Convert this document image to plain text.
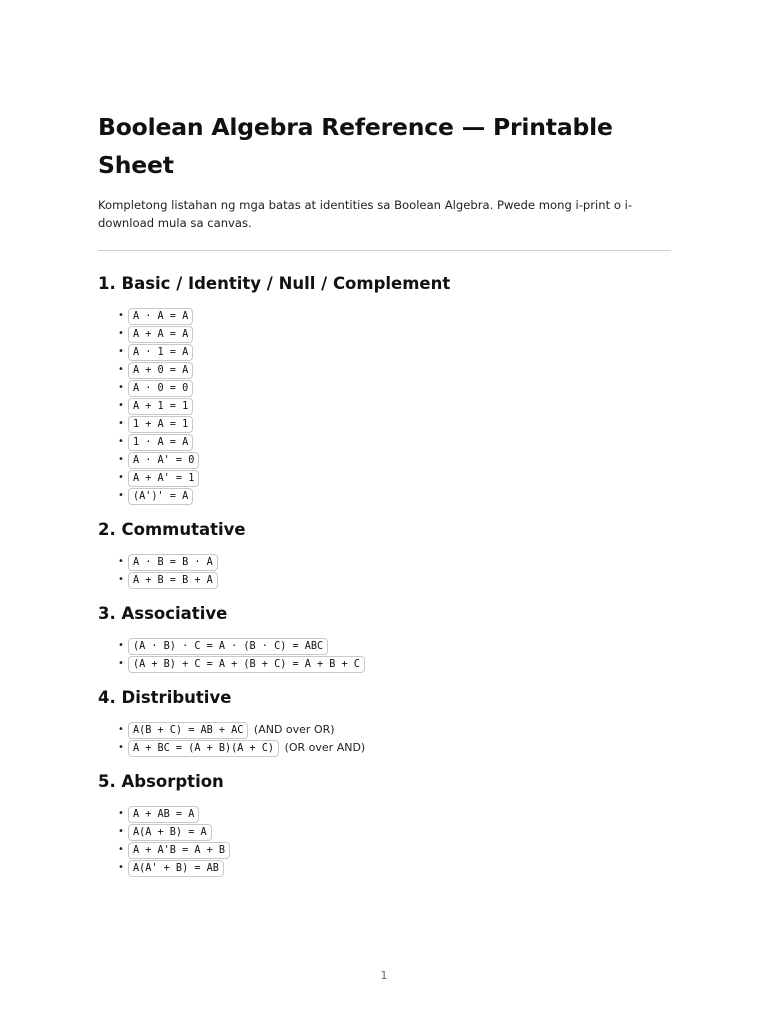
Boolean Algebra Reference — Printable Sheet

Kompletong listahan ng mga batas at identities sa Boolean Algebra. Pwede mong i-print o i-download mula sa canvas.

1. Basic / Identity / Null / Complement
• A · A = A
• A + A = A
• A · 1 = A
• A + 0 = A
• A · 0 = 0
• A + 1 = 1
• 1 + A = 1
• 1 · A = A
• A · A' = 0
• A + A' = 1
• (A')' = A
2. Commutative
• A · B = B · A
• A + B = B + A
3. Associative
• (A · B) · C = A · (B · C) = ABC
• (A + B) + C = A + (B + C) = A + B + C
4. Distributive
• A(B + C) = AB + AC (AND over OR)
• A + BC = (A + B)(A + C) (OR over AND)
5. Absorption
• A + AB = A
• A(A + B) = A
• A + A'B = A + B
• A(A' + B) = AB
1
